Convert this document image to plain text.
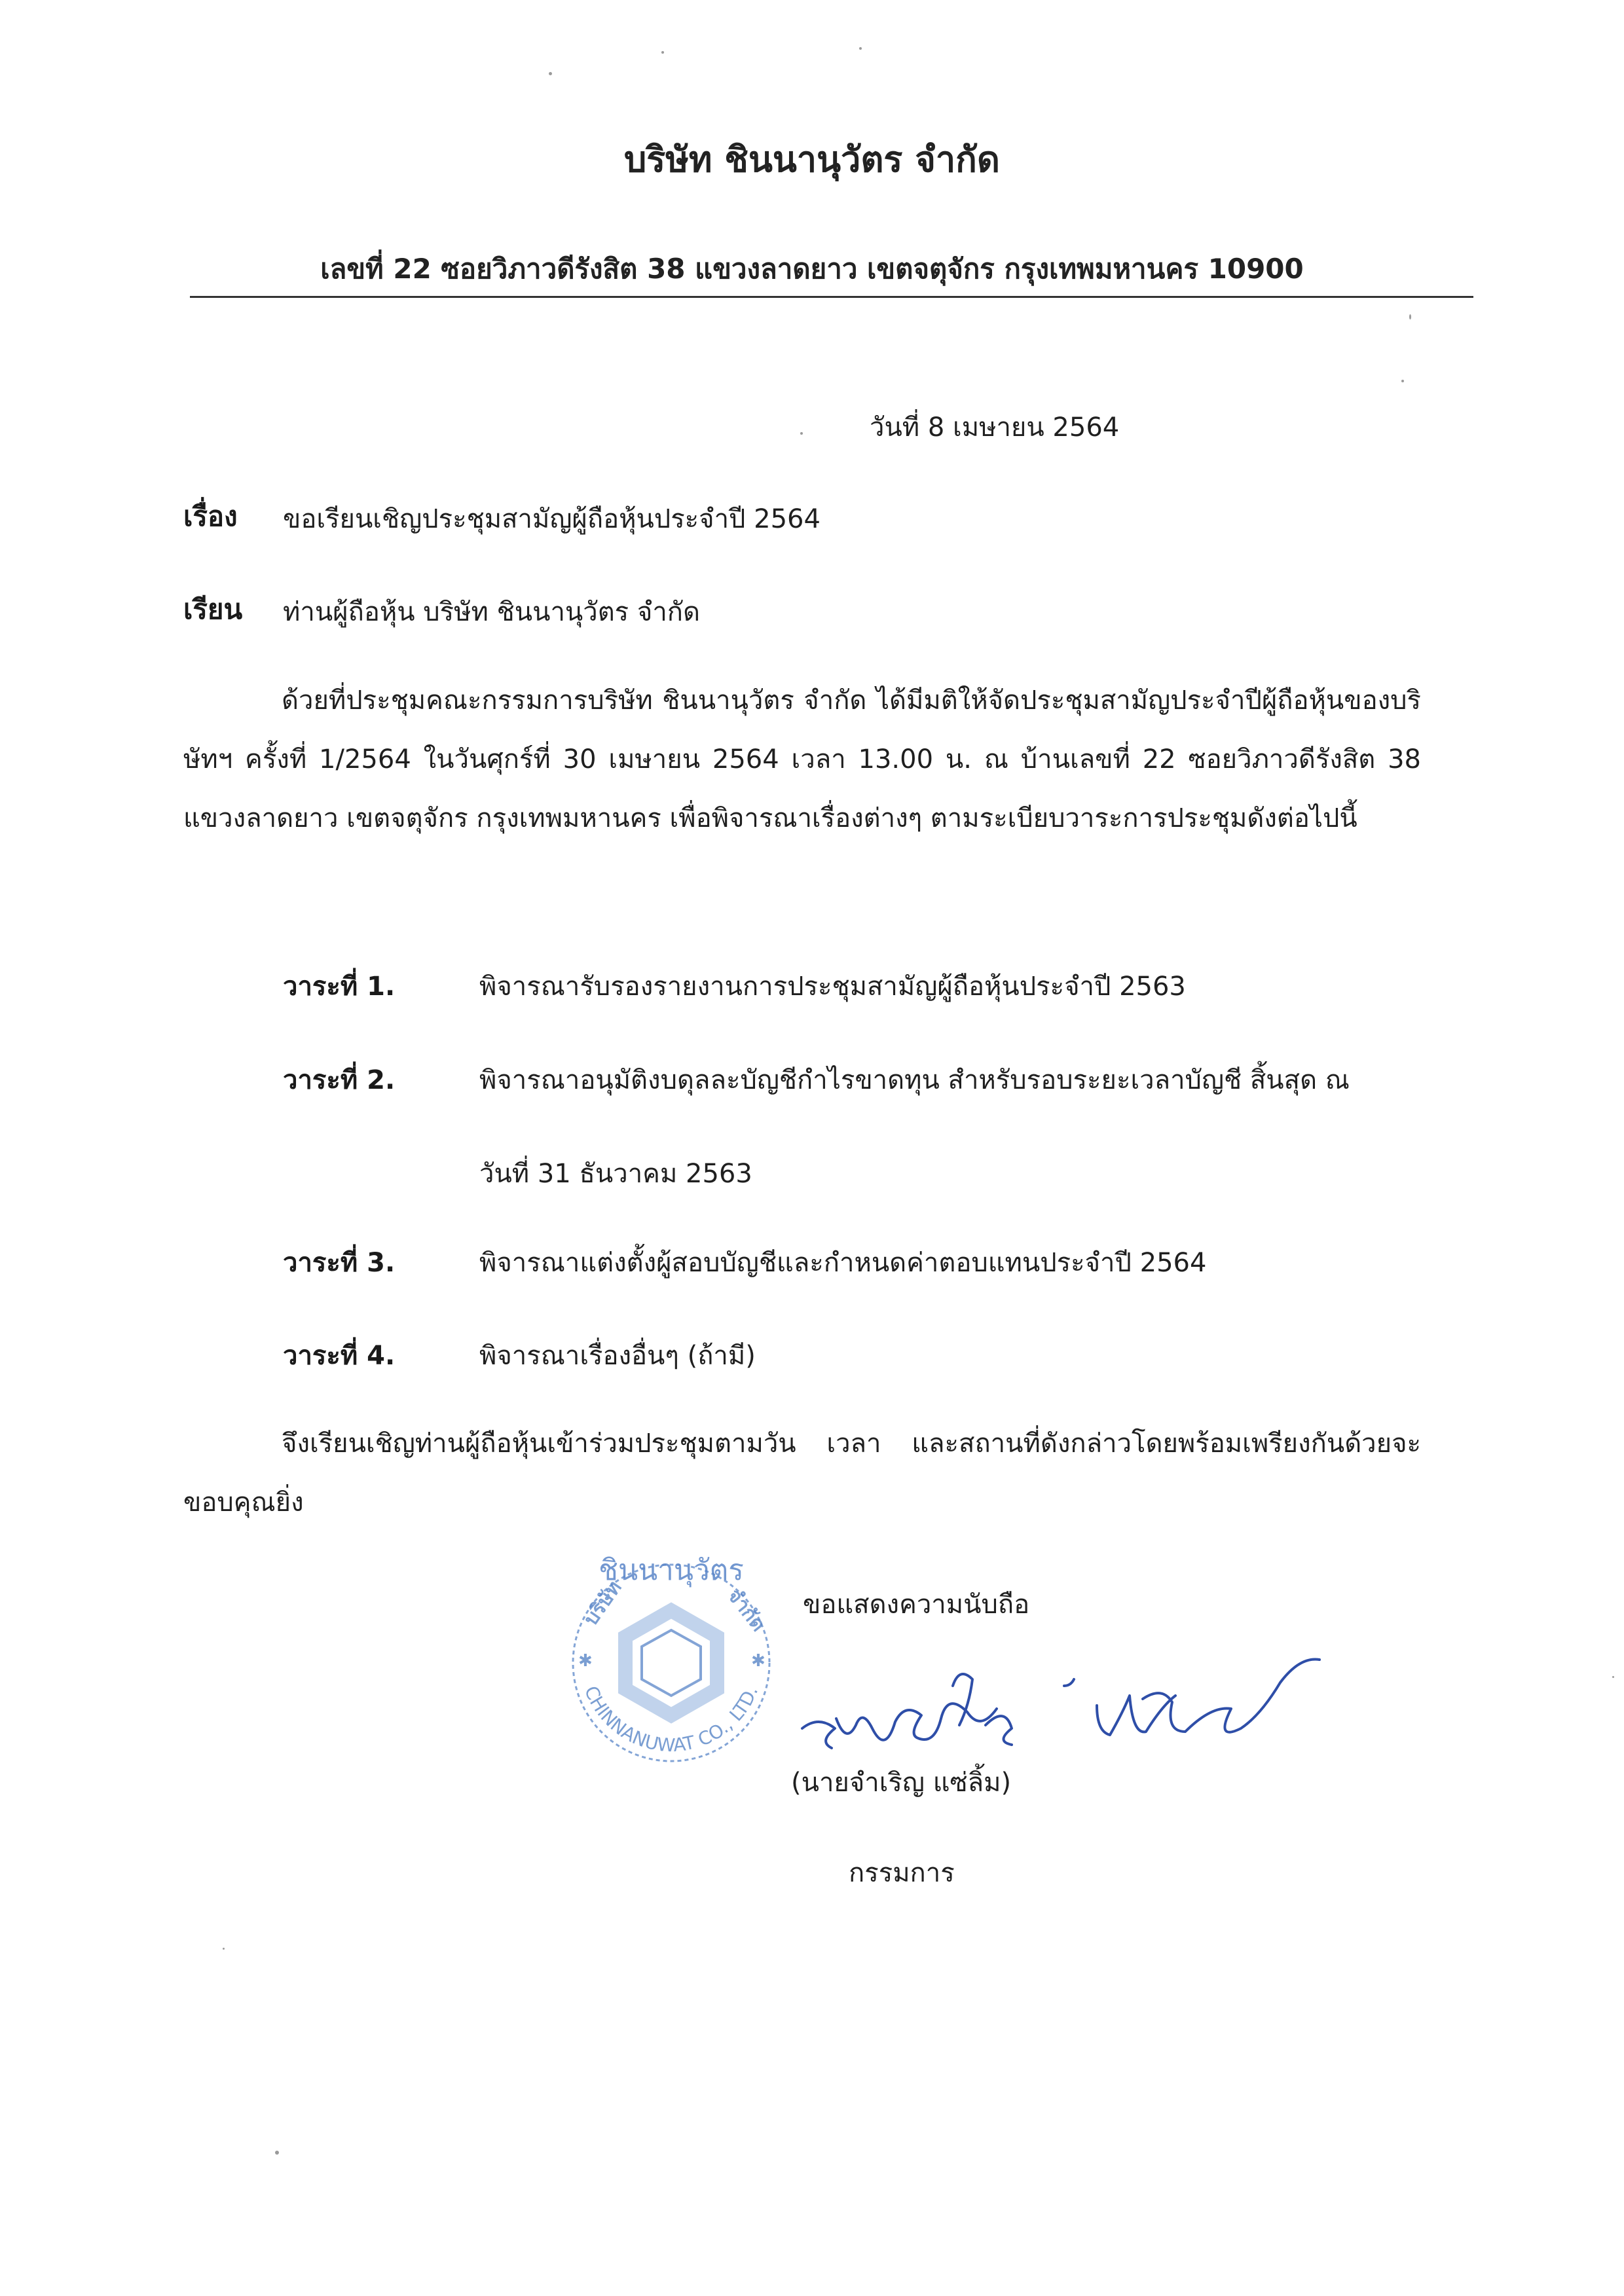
บริษัท ชินนานุวัตร จำกัด
เลขที่ 22 ซอยวิภาวดีรังสิต 38 แขวงลาดยาว เขตจตุจักร กรุงเทพมหานคร 10900
วันที่ 8 เมษายน 2564
เรื่อง ขอเรียนเชิญประชุมสามัญผู้ถือหุ้นประจำปี 2564
เรียน ท่านผู้ถือหุ้น บริษัท ชินนานุวัตร จำกัด
ด้วยที่ประชุมคณะกรรมการบริษัท ชินนานุวัตร จำกัด ได้มีมติให้จัดประชุมสามัญประจำปีผู้ถือหุ้นของบริษัทฯ ครั้งที่ 1/2564 ในวันศุกร์ที่ 30 เมษายน 2564 เวลา 13.00 น. ณ บ้านเลขที่ 22 ซอยวิภาวดีรังสิต 38 แขวงลาดยาว เขตจตุจักร กรุงเทพมหานคร เพื่อพิจารณาเรื่องต่างๆ ตามระเบียบวาระการประชุมดังต่อไปนี้
วาระที่ 1.	พิจารณารับรองรายงานการประชุมสามัญผู้ถือหุ้นประจำปี 2563
วาระที่ 2.	พิจารณาอนุมัติงบดุลละบัญชีกำไรขาดทุน สำหรับรอบระยะเวลาบัญชี สิ้นสุด ณ
วันที่ 31 ธันวาคม 2563
วาระที่ 3.	พิจารณาแต่งตั้งผู้สอบบัญชีและกำหนดค่าตอบแทนประจำปี 2564
วาระที่ 4.	พิจารณาเรื่องอื่นๆ (ถ้ามี)
จึงเรียนเชิญท่านผู้ถือหุ้นเข้าร่วมประชุมตามวัน เวลา และสถานที่ดังกล่าวโดยพร้อมเพรียงกันด้วยจะขอบคุณยิ่ง
ขอแสดงความนับถือ
ชินนานุวัตร
CHINNANUWAT CO., LTD.
บริษัท	จำกัด
✱	✱
(นายจำเริญ แซ่ลิ้ม)
กรรมการ
